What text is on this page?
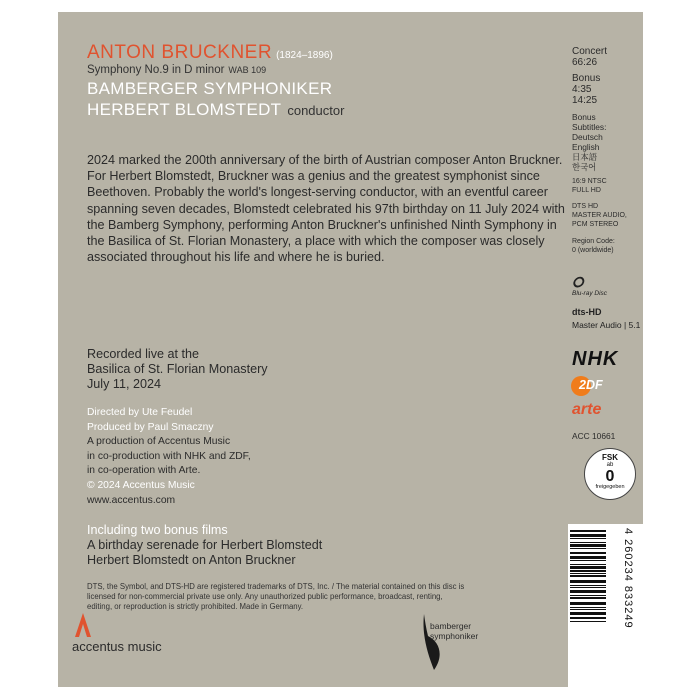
ANTON BRUCKNER (1824–1896)
Symphony No.9 in D minor WAB 109
BAMBERGER SYMPHONIKER
HERBERT BLOMSTEDT conductor
2024 marked the 200th anniversary of the birth of Austrian composer Anton Bruckner. For Herbert Blomstedt, Bruckner was a genius and the greatest symphonist since Beethoven. Probably the world's longest-serving conductor, with an eventful career spanning seven decades, Blomstedt celebrated his 97th birthday on 11 July 2024 with the Bamberg Symphony, performing Anton Bruckner's unfinished Ninth Symphony in the Basilica of St. Florian Monastery, a place with which the composer was closely associated throughout his life and where he is buried.
Recorded live at the
Basilica of St. Florian Monastery
July 11, 2024
Directed by Ute Feudel
Produced by Paul Smaczny
A production of Accentus Music
in co-production with NHK and ZDF,
in co-operation with Arte.
© 2024 Accentus Music
www.accentus.com
Including two bonus films
A birthday serenade for Herbert Blomstedt
Herbert Blomstedt on Anton Bruckner
DTS, the Symbol, and DTS-HD are registered trademarks of DTS, Inc. / The material contained on this disc is licensed for non-commercial private use only. Any unauthorized public performance, broadcast, renting, editing, or reproduction is strictly prohibited. Made in Germany.
Concert
66:26
Bonus
4:35
14:25
Bonus
Subtitles:
Deutsch
English
日本語
한국어
16:9 NTSC
FULL HD
DTS HD
MASTER AUDIO,
PCM STEREO
Region Code:
0 (worldwide)
⭘
Blu-ray Disc
dts-HD
Master Audio | 5.1
NHK
2DF
arte
ACC 10661
FSK
ab
0
freigegeben
4 260234 833249
accentus music
bamberger
symphoniker
